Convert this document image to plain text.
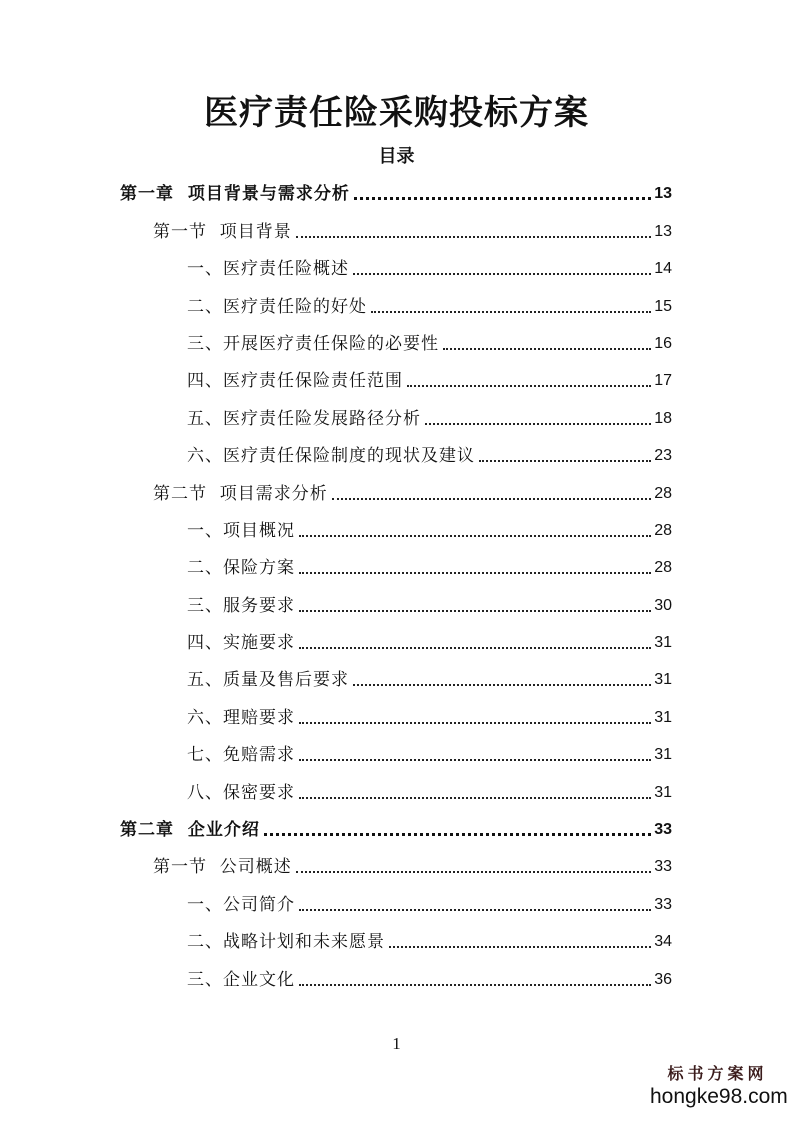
医疗责任险采购投标方案
目录
第一章  项目背景与需求分析	13
第一节  项目背景	13
一、医疗责任险概述	14
二、医疗责任险的好处	15
三、开展医疗责任保险的必要性	16
四、医疗责任保险责任范围	17
五、医疗责任险发展路径分析	18
六、医疗责任保险制度的现状及建议	23
第二节  项目需求分析	28
一、项目概况	28
二、保险方案	28
三、服务要求	30
四、实施要求	31
五、质量及售后要求	31
六、理赔要求	31
七、免赔需求	31
八、保密要求	31
第二章  企业介绍	33
第一节  公司概述	33
一、公司简介	33
二、战略计划和未来愿景	34
三、企业文化	36
1
标书方案网
hongke98.com
